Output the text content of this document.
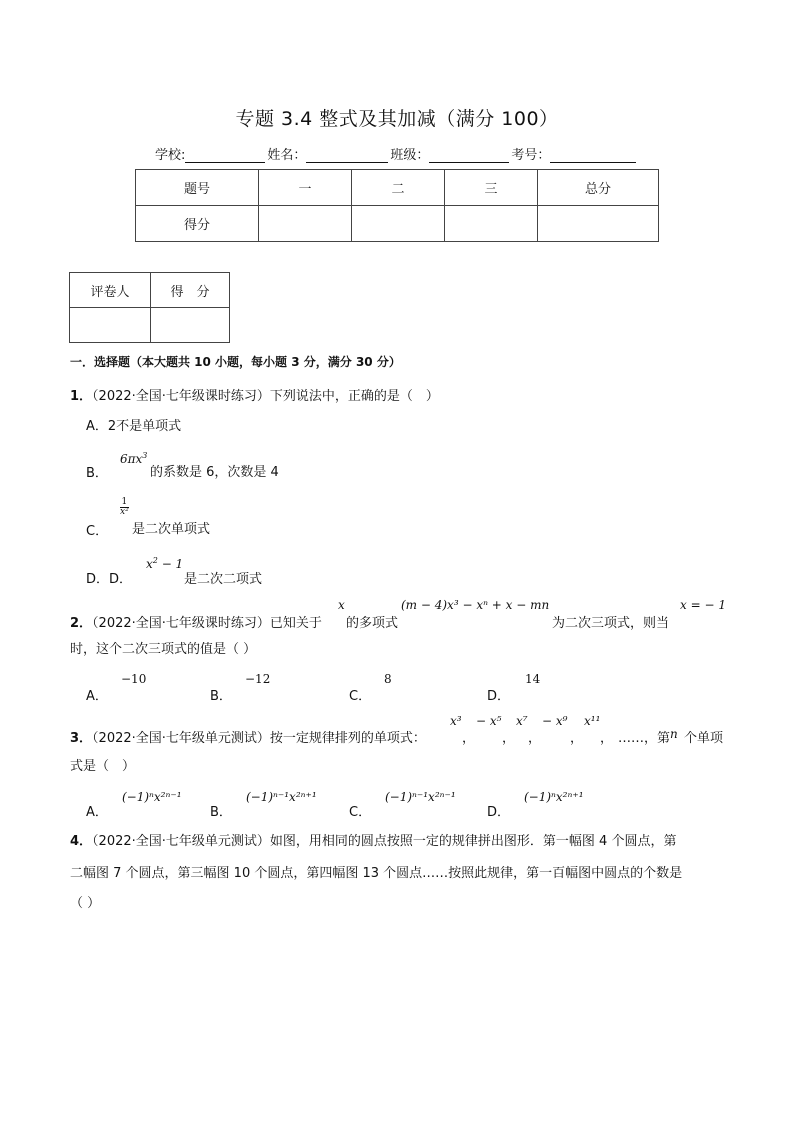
专题 3.4 整式及其加减（满分 100）
学校:	姓名：	班级：	考号：
题号	一	二	三	总分
得分				
评卷人	得　分

一．选择题（本大题共 10 小题，每小题 3 分，满分 30 分）
1．（2022·全国·七年级课时练习）下列说法中，正确的是（　）
A．2不是单项式
B．
$6\pi x^3$
的系数是 6，次数是 4
C．
$\frac{1}{\text{x²}}$
是二次单项式
D．D．
$x^2 - 1$
是二次二项式
2．（2022·全国·七年级课时练习）已知关于
x
的多项式
(m − 4)x³ − xⁿ + x − mn
为二次三项式，则当
x = − 1
时，这个二次三项式的值是（ ）
A．
−10
B．
−12
C．
8
D．
14
3．（2022·全国·七年级单元测试）按一定规律排列的单项式：
x³
，
− x⁵
，
x⁷
，
− x⁹
，
x¹¹
， ……，第 n 个单项
式是（　）
A．
(−1)ⁿx²ⁿ⁻¹
B．
(−1)ⁿ⁻¹x²ⁿ⁺¹
C．
(−1)ⁿ⁻¹x²ⁿ⁻¹
D．
(−1)ⁿx²ⁿ⁺¹
4．（2022·全国·七年级单元测试）如图，用相同的圆点按照一定的规律拼出图形．第一幅图 4 个圆点，第
二幅图 7 个圆点，第三幅图 10 个圆点，第四幅图 13 个圆点……按照此规律，第一百幅图中圆点的个数是
（ ）
